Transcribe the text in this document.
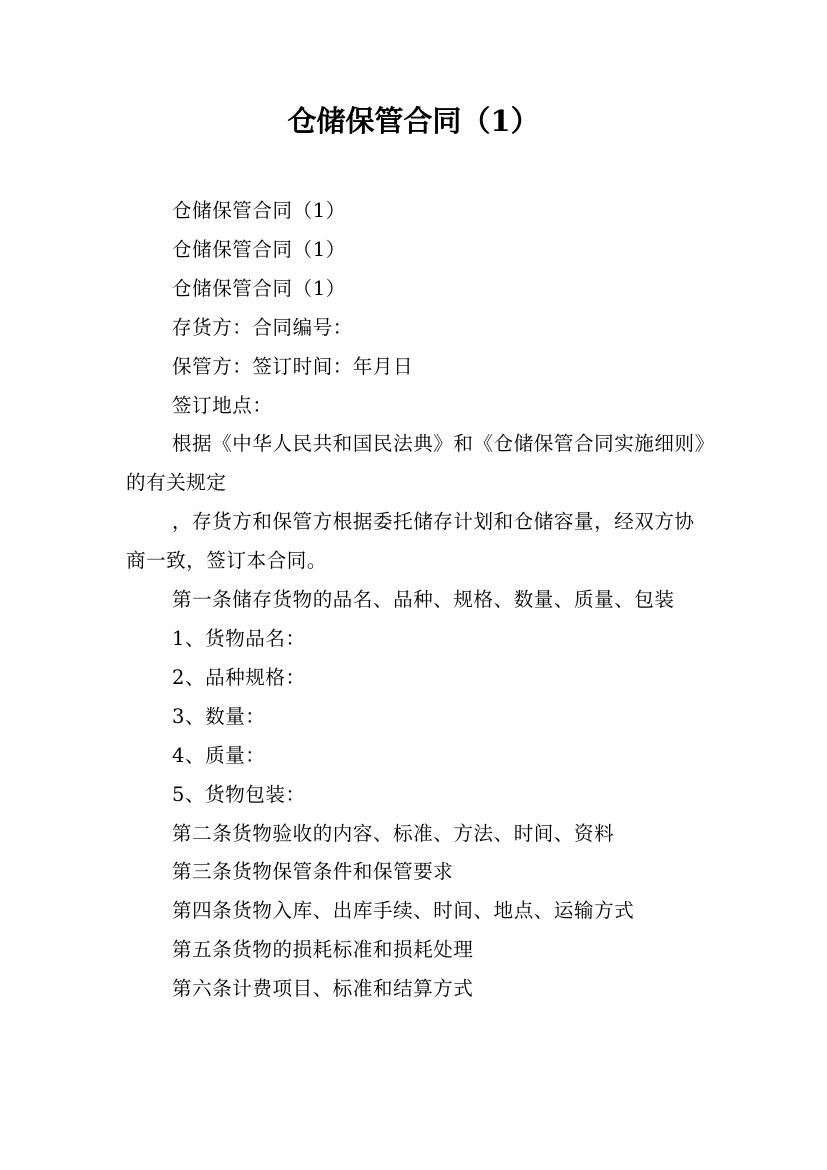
仓储保管合同（1）

仓储保管合同（1）

仓储保管合同（1）

仓储保管合同（1）

存货方：合同编号：

保管方：签订时间：年月日

签订地点：

根据《中华人民共和国民法典》和《仓储保管合同实施细则》的有关规定

，存货方和保管方根据委托储存计划和仓储容量，经双方协商一致，签订本合同。

第一条储存货物的品名、品种、规格、数量、质量、包装

1、货物品名：

2、品种规格：

3、数量：

4、质量：

5、货物包装：

第二条货物验收的内容、标准、方法、时间、资料

第三条货物保管条件和保管要求

第四条货物入库、出库手续、时间、地点、运输方式

第五条货物的损耗标准和损耗处理

第六条计费项目、标准和结算方式
